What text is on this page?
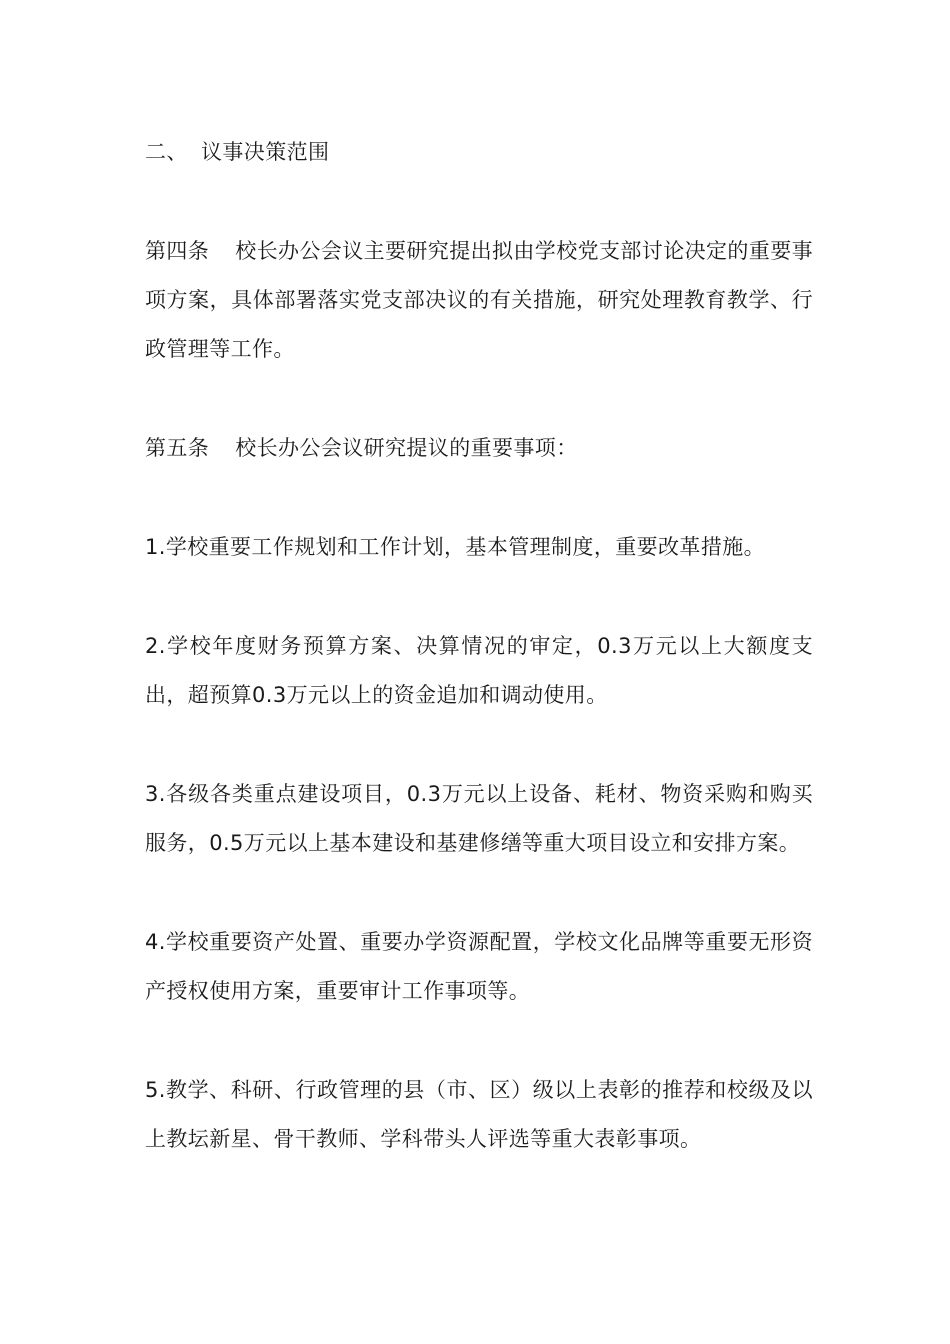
二、 议事决策范围

第四条 校长办公会议主要研究提出拟由学校党支部讨论决定的重要事项方案，具体部署落实党支部决议的有关措施，研究处理教育教学、行政管理等工作。

第五条 校长办公会议研究提议的重要事项：

1.学校重要工作规划和工作计划，基本管理制度，重要改革措施。

2.学校年度财务预算方案、决算情况的审定，0.3万元以上大额度支出，超预算0.3万元以上的资金追加和调动使用。

3.各级各类重点建设项目，0.3万元以上设备、耗材、物资采购和购买服务，0.5万元以上基本建设和基建修缮等重大项目设立和安排方案。

4.学校重要资产处置、重要办学资源配置，学校文化品牌等重要无形资产授权使用方案，重要审计工作事项等。

5.教学、科研、行政管理的县（市、区）级以上表彰的推荐和校级及以上教坛新星、骨干教师、学科带头人评选等重大表彰事项。
